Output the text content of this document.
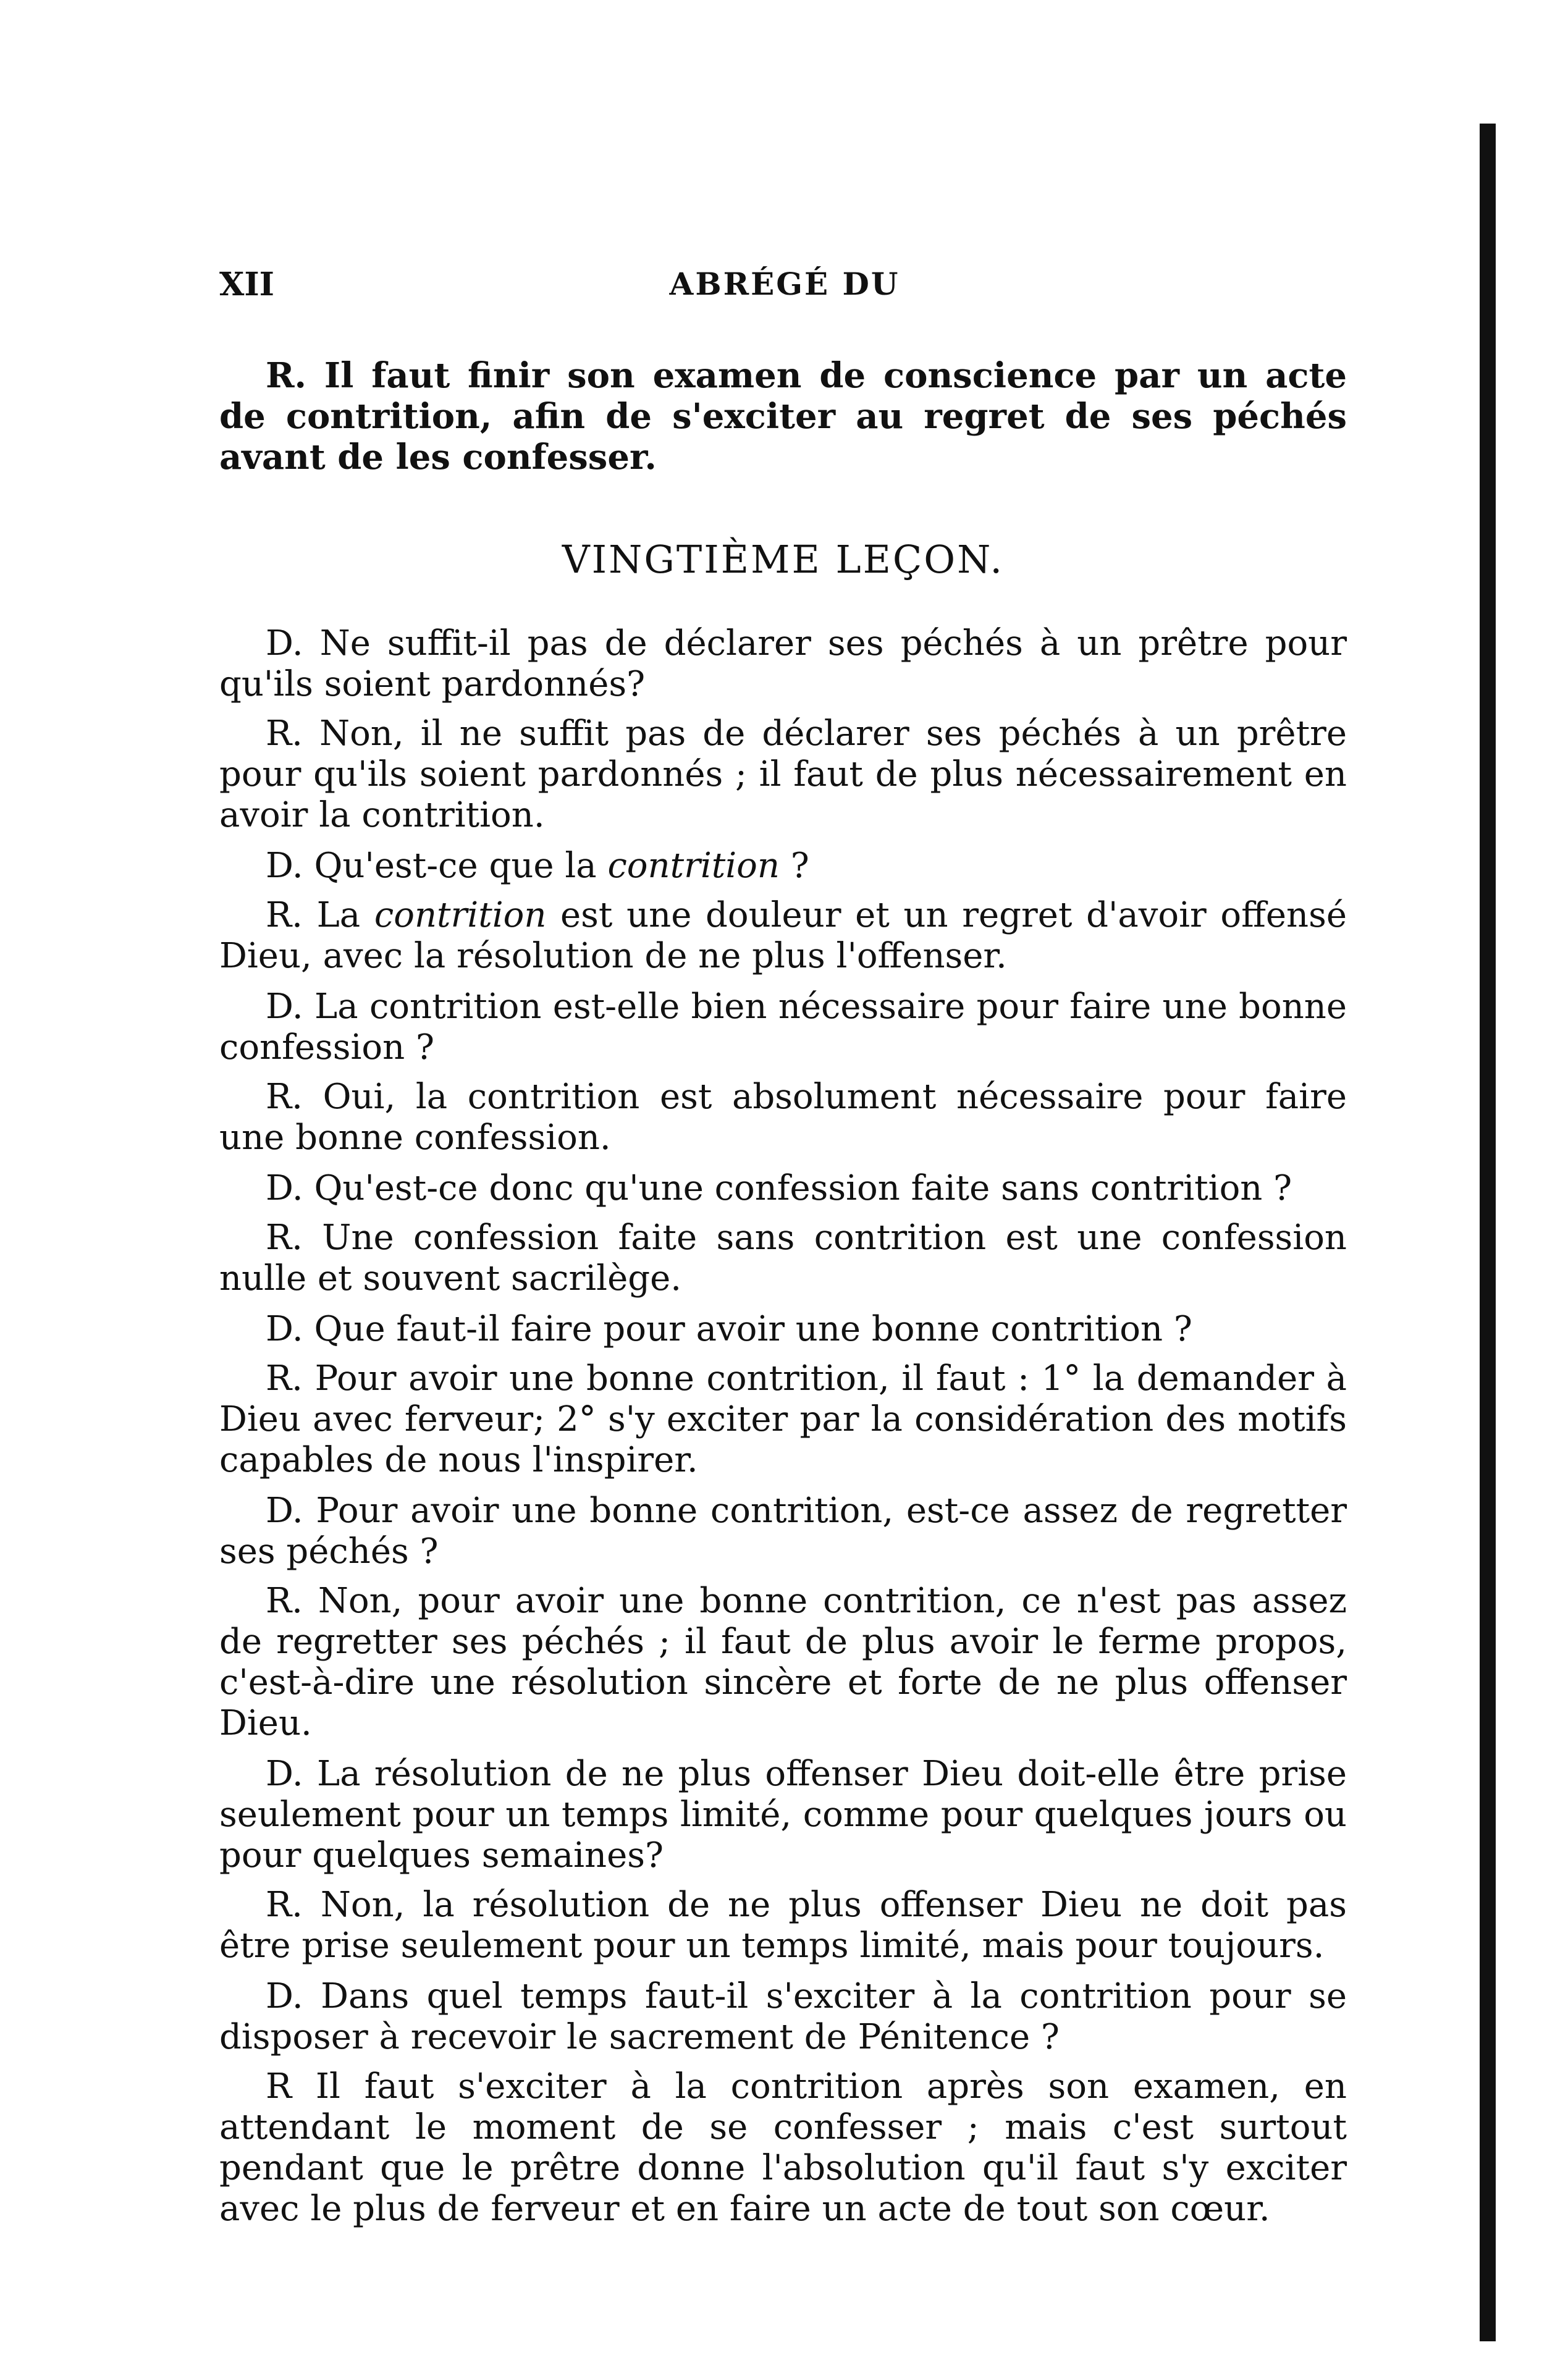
XII	ABRÉGÉ DU

R. Il faut finir son examen de conscience par un acte de contrition, afin de s'exciter au regret de ses péchés avant de les confesser.

VINGTIÈME LEÇON.

D. Ne suffit-il pas de déclarer ses péchés à un prêtre pour qu'ils soient pardonnés?

R. Non, il ne suffit pas de déclarer ses péchés à un prêtre pour qu'ils soient pardonnés ; il faut de plus nécessairement en avoir la contrition.

D. Qu'est-ce que la contrition ?

R. La contrition est une douleur et un regret d'avoir offensé Dieu, avec la résolution de ne plus l'offenser.

D. La contrition est-elle bien nécessaire pour faire une bonne confession ?

R. Oui, la contrition est absolument nécessaire pour faire une bonne confession.

D. Qu'est-ce donc qu'une confession faite sans contrition ?

R. Une confession faite sans contrition est une confession nulle et souvent sacrilège.

D. Que faut-il faire pour avoir une bonne contrition ?

R. Pour avoir une bonne contrition, il faut : 1° la demander à Dieu avec ferveur; 2° s'y exciter par la considération des motifs capables de nous l'inspirer.

D. Pour avoir une bonne contrition, est-ce assez de regretter ses péchés ?

R. Non, pour avoir une bonne contrition, ce n'est pas assez de regretter ses péchés ; il faut de plus avoir le ferme propos, c'est-à-dire une résolution sincère et forte de ne plus offenser Dieu.

D. La résolution de ne plus offenser Dieu doit-elle être prise seulement pour un temps limité, comme pour quelques jours ou pour quelques semaines?

R. Non, la résolution de ne plus offenser Dieu ne doit pas être prise seulement pour un temps limité, mais pour toujours.

D. Dans quel temps faut-il s'exciter à la contrition pour se disposer à recevoir le sacrement de Pénitence ?

R Il faut s'exciter à la contrition après son examen, en attendant le moment de se confesser ; mais c'est surtout pendant que le prêtre donne l'absolution qu'il faut s'y exciter avec le plus de ferveur et en faire un acte de tout son cœur.
